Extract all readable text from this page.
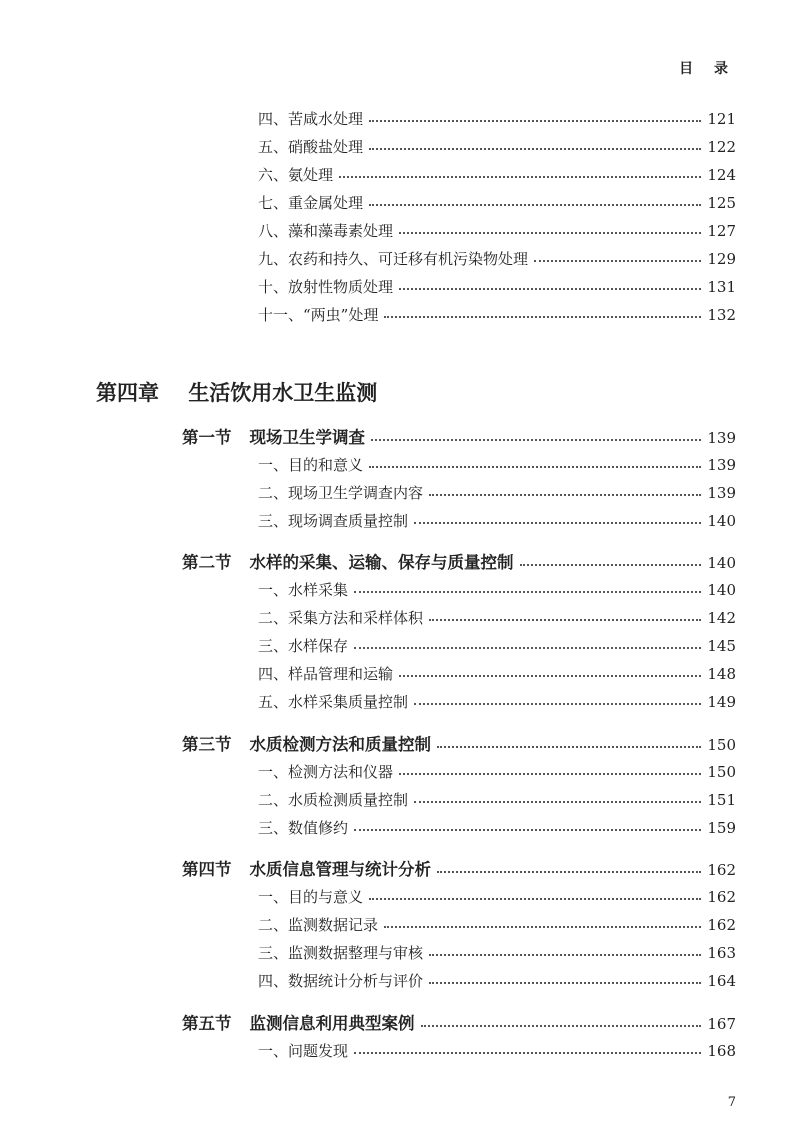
目 录
四、苦咸水处理	121
五、硝酸盐处理	122
六、氨处理	124
七、重金属处理	125
八、藻和藻毒素处理	127
九、农药和持久、可迁移有机污染物处理	129
十、放射性物质处理	131
十一、“两虫”处理	132
第四章 生活饮用水卫生监测
第一节 现场卫生学调查	139
一、目的和意义	139
二、现场卫生学调查内容	139
三、现场调查质量控制	140
第二节 水样的采集、运输、保存与质量控制	140
一、水样采集	140
二、采集方法和采样体积	142
三、水样保存	145
四、样品管理和运输	148
五、水样采集质量控制	149
第三节 水质检测方法和质量控制	150
一、检测方法和仪器	150
二、水质检测质量控制	151
三、数值修约	159
第四节 水质信息管理与统计分析	162
一、目的与意义	162
二、监测数据记录	162
三、监测数据整理与审核	163
四、数据统计分析与评价	164
第五节 监测信息利用典型案例	167
一、问题发现	168
7
